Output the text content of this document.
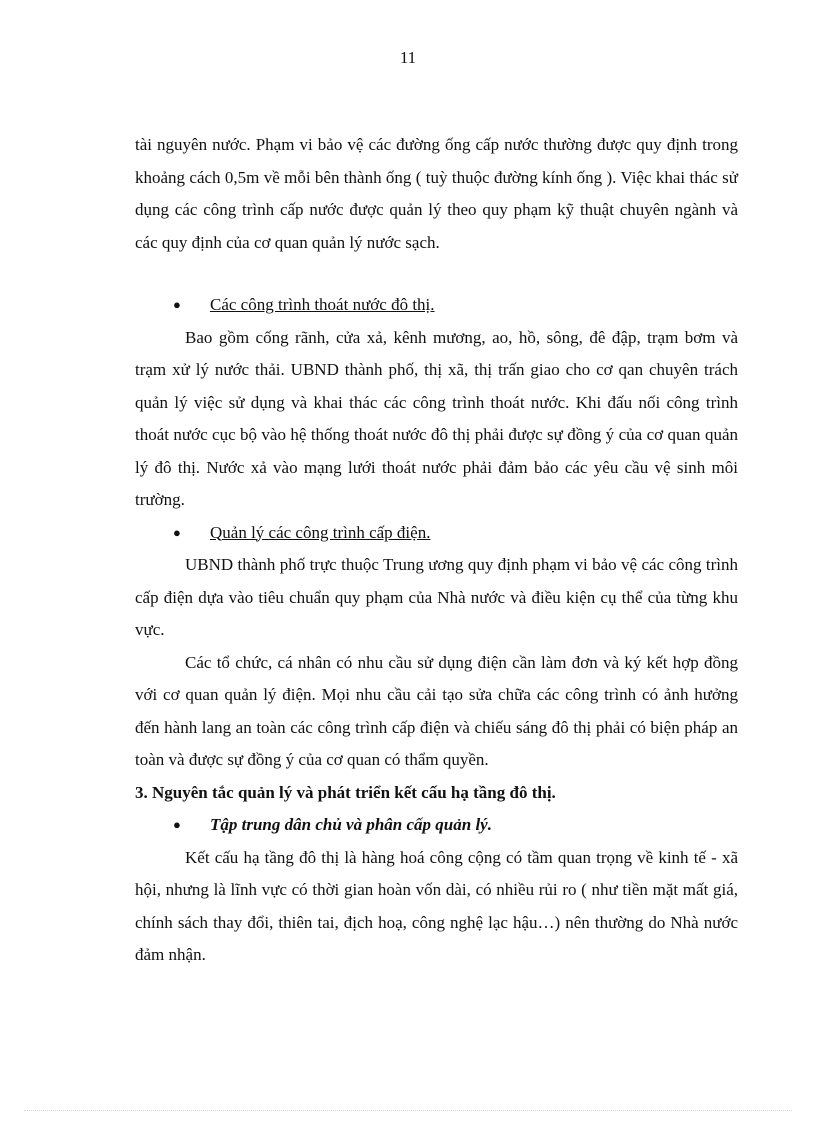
11

tài nguyên nước. Phạm vi bảo vệ các đường ống cấp nước thường được quy định trong khoảng cách 0,5m về mỗi bên thành ống ( tuỳ thuộc đường kính ống ). Việc khai thác sử dụng các công trình cấp nước được quản lý theo quy phạm kỹ thuật chuyên ngành và các quy định của cơ quan quản lý nước sạch.

● Các công trình thoát nước đô thị.

Bao gồm cống rãnh, cửa xả, kênh mương, ao, hồ, sông, đê đập, trạm bơm và trạm xử lý nước thải. UBND thành phố, thị xã, thị trấn giao cho cơ qan chuyên trách quản lý việc sử dụng và khai thác các công trình thoát nước. Khi đấu nối công trình thoát nước cục bộ vào hệ thống thoát nước đô thị phải được sự đồng ý của cơ quan quản lý đô thị. Nước xả vào mạng lưới thoát nước phải đảm bảo các yêu cầu vệ sinh môi trường.

● Quản lý các công trình cấp điện.

UBND thành phố trực thuộc Trung ương quy định phạm vi bảo vệ các công trình cấp điện dựa vào tiêu chuẩn quy phạm của Nhà nước và điều kiện cụ thể của từng khu vực.

Các tổ chức, cá nhân có nhu cầu sử dụng điện cần làm đơn và ký kết hợp đồng với cơ quan quản lý điện. Mọi nhu cầu cải tạo sửa chữa các công trình có ảnh hưởng đến hành lang an toàn các công trình cấp điện và chiếu sáng đô thị phải có biện pháp an toàn và được sự đồng ý của cơ quan có thẩm quyền.

3. Nguyên tắc quản lý và phát triển kết cấu hạ tầng đô thị.

● Tập trung dân chủ và phân cấp quản lý.

Kết cấu hạ tầng đô thị là hàng hoá công cộng có tầm quan trọng về kinh tế - xã hội, nhưng là lĩnh vực có thời gian hoàn vốn dài, có nhiều rủi ro ( như tiền mặt mất giá, chính sách thay đổi, thiên tai, địch hoạ, công nghệ lạc hậu…) nên thường do Nhà nước đảm nhận.
